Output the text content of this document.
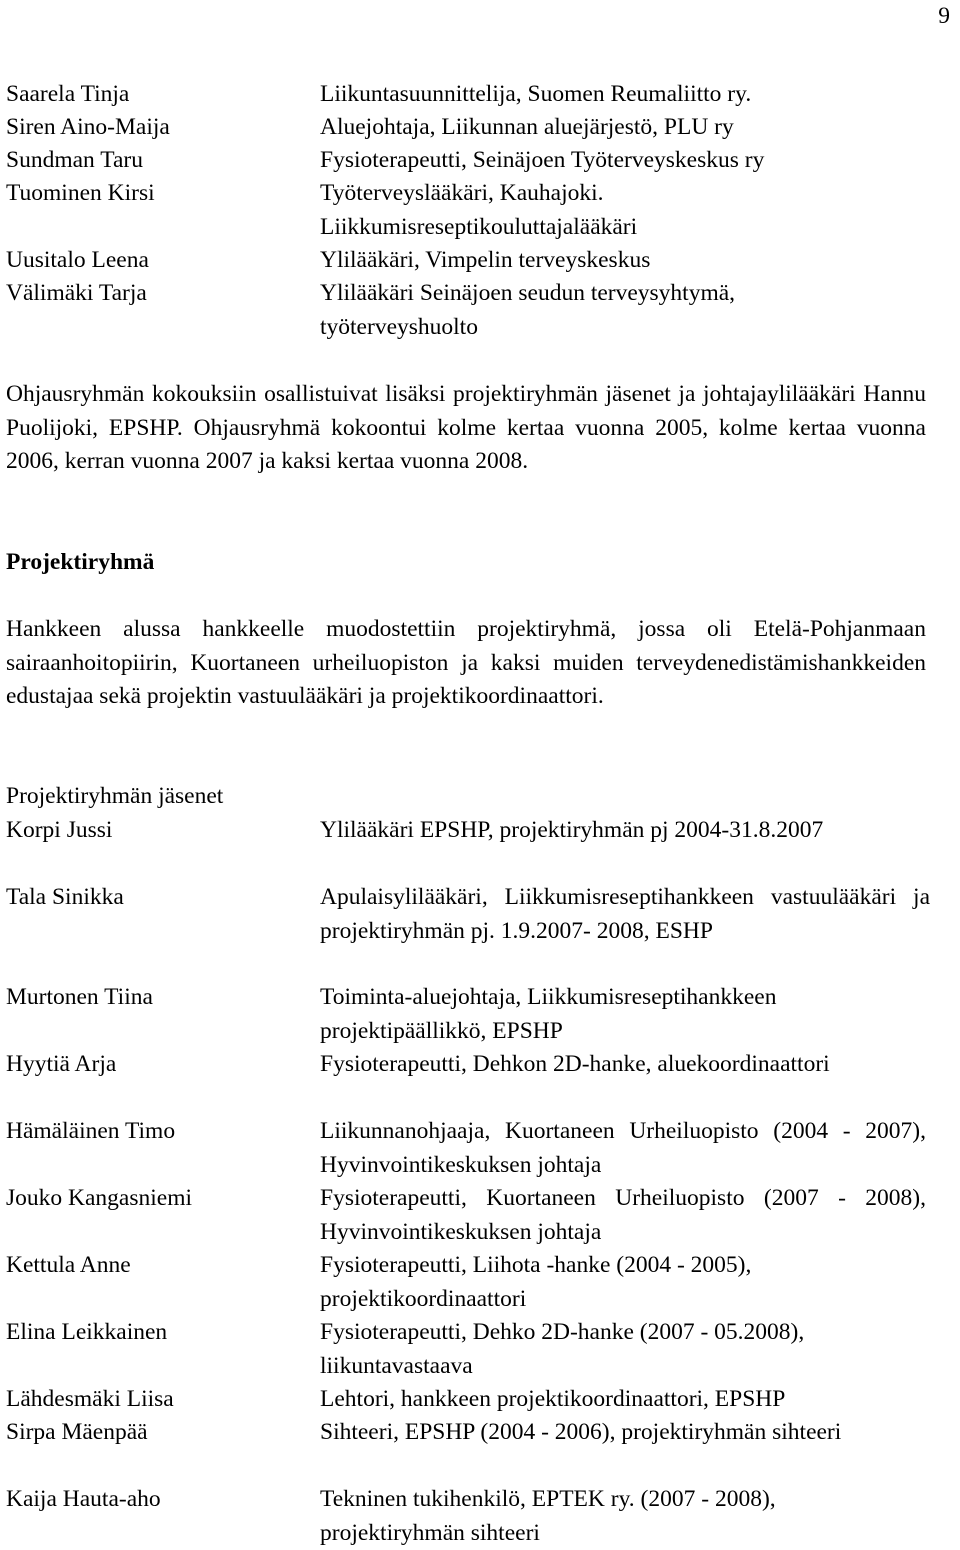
9
Saarela Tinja	Liikuntasuunnittelija, Suomen Reumaliitto ry.
Siren Aino-Maija	Aluejohtaja, Liikunnan aluejärjestö, PLU ry
Sundman Taru	Fysioterapeutti, Seinäjoen Työterveyskeskus ry
Tuominen Kirsi	Työterveyslääkäri, Kauhajoki. Liikkumisreseptikouluttajalääkäri
Uusitalo Leena	Ylilääkäri, Vimpelin terveyskeskus
Välimäki Tarja	Ylilääkäri Seinäjoen seudun terveysyhtymä, työterveyshuolto
Ohjausryhmän kokouksiin osallistuivat lisäksi projektiryhmän jäsenet ja johtajaylilääkäri Hannu Puolijoki, EPSHP. Ohjausryhmä kokoontui kolme kertaa vuonna 2005, kolme kertaa vuonna 2006, kerran vuonna 2007 ja kaksi kertaa vuonna 2008.
Projektiryhmä
Hankkeen alussa hankkeelle muodostettiin projektiryhmä, jossa oli Etelä-Pohjanmaan sairaanhoitopiirin, Kuortaneen urheiluopiston ja kaksi muiden terveydenedistämishankkeiden edustajaa sekä projektin vastuulääkäri ja projektikoordinaattori.
Projektiryhmän jäsenet
Korpi Jussi	Ylilääkäri EPSHP, projektiryhmän pj 2004-31.8.2007
Tala Sinikka	Apulaisylilääkäri, Liikkumisreseptihankkeen vastuulääkäri ja projektiryhmän pj. 1.9.2007- 2008, ESHP
Murtonen Tiina	Toiminta-aluejohtaja, Liikkumisreseptihankkeen projektipäällikkö, EPSHP
Hyytiä Arja	Fysioterapeutti, Dehkon 2D-hanke, aluekoordinaattori
Hämäläinen Timo	Liikunnanohjaaja, Kuortaneen Urheiluopisto (2004 - 2007), Hyvinvointikeskuksen johtaja
Jouko Kangasniemi	Fysioterapeutti, Kuortaneen Urheiluopisto (2007 - 2008), Hyvinvointikeskuksen johtaja
Kettula Anne	Fysioterapeutti, Liihota -hanke (2004 - 2005), projektikoordinaattori
Elina Leikkainen	Fysioterapeutti, Dehko 2D-hanke (2007 - 05.2008), liikuntavastaava
Lähdesmäki Liisa	Lehtori, hankkeen projektikoordinaattori, EPSHP
Sirpa Mäenpää	Sihteeri, EPSHP (2004 - 2006), projektiryhmän sihteeri
Kaija Hauta-aho	Tekninen tukihenkilö, EPTEK ry. (2007 - 2008), projektiryhmän sihteeri
